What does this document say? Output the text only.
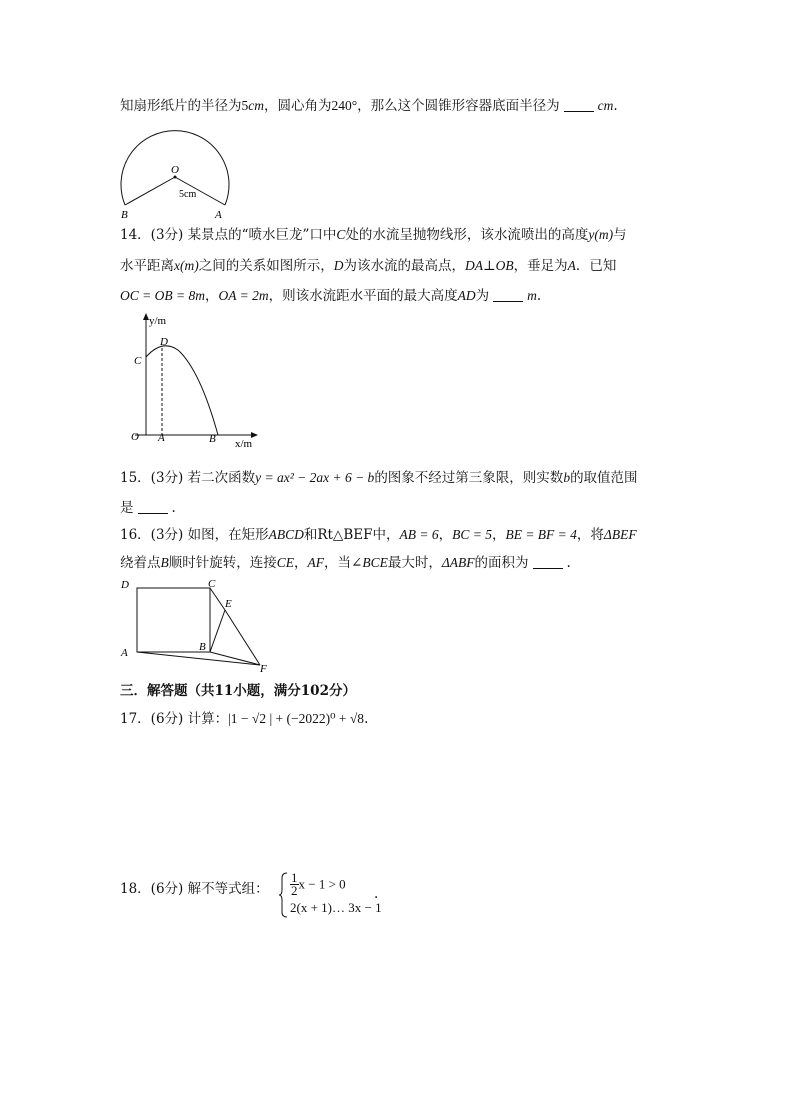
知扇形纸片的半径为5cm，圆心角为240°，那么这个圆锥形容器底面半径为	cm.
O
5cm
B	A
14．(3分) 某景点的“喷水巨龙”口中C处的水流呈抛物线形，该水流喷出的高度y(m)与
水平距离x(m)之间的关系如图所示，D为该水流的最高点，DA⊥OB，垂足为A．已知
OC = OB = 8m，OA = 2m，则该水流距水平面的最大高度AD为	m.
y/m
x/m
O A	B
C
D
15．(3分) 若二次函数y = ax² − 2ax + 6 − b的图象不经过第三象限，则实数b的取值范围
是	.
16．(3分) 如图，在矩形ABCD和Rt△BEF中，AB = 6，BC = 5，BE = BF = 4，将ΔBEF
绕着点B顺时针旋转，连接CE，AF，当∠BCE最大时，ΔABF的面积为	.
D	C
E
A	B
F
三．解答题（共11小题，满分102分）
17．(6分) 计算：|1 − √2 | + (−2022)⁰ + √8.
18．(6分) 解不等式组： $\frac{1}{2}$ x − 1 > 0
2(x + 1)… 3x − 1
.
